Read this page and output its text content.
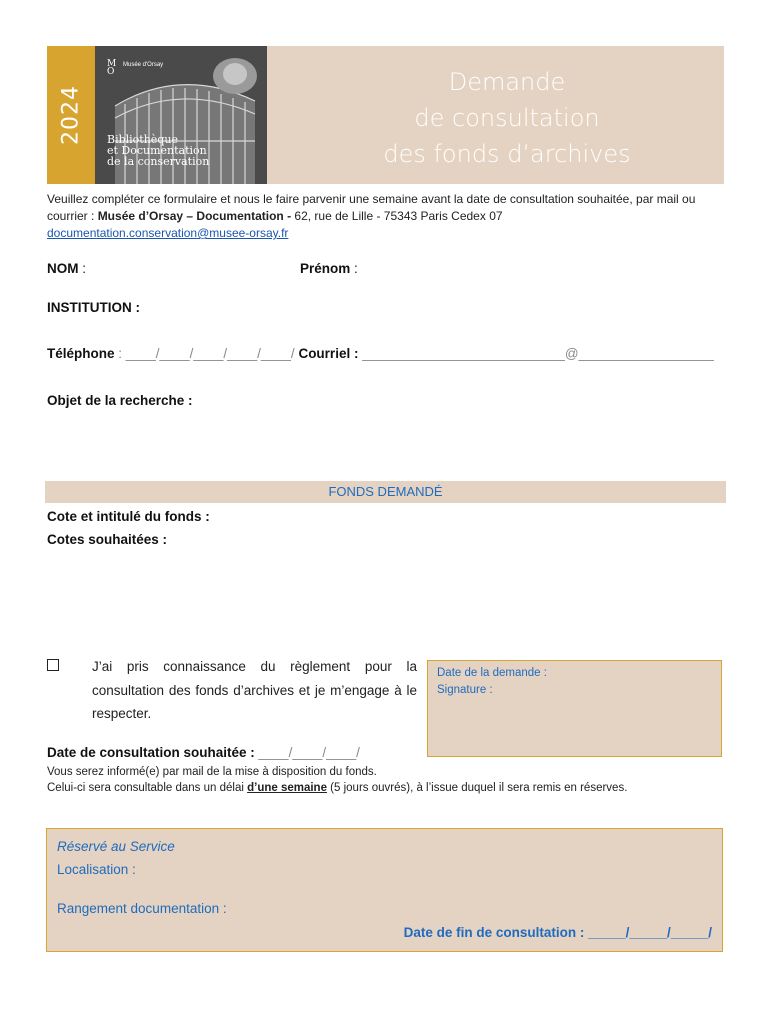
2024
M
O
Musée d'Orsay
Bibliothèque
et Documentation
de la conservation
Demande
de consultation
des fonds d’archives
Veuillez compléter ce formulaire et nous le faire parvenir une semaine avant la date de consultation souhaitée, par mail ou courrier : Musée d’Orsay – Documentation - 62, rue de Lille - 75343 Paris Cedex 07
documentation.conservation@musee-orsay.fr
NOM :	Prénom :
INSTITUTION :
Téléphone : ____/____/____/____/____/ Courriel : ___________________________@__________________
Objet de la recherche :
FONDS DEMANDÉ
Cote et intitulé du fonds :
Cotes souhaitées :
J’ai pris connaissance du règlement pour la consultation des fonds d’archives et je m’engage à le respecter.
Date de la demande :
Signature :
Date de consultation souhaitée : ____/____/____/
Vous serez informé(e) par mail de la mise à disposition du fonds.
Celui-ci sera consultable dans un délai d’une semaine (5 jours ouvrés), à l’issue duquel il sera remis en réserves.
Réservé au Service
Localisation :
Rangement documentation :
Date de fin de consultation : _____/_____/_____/
